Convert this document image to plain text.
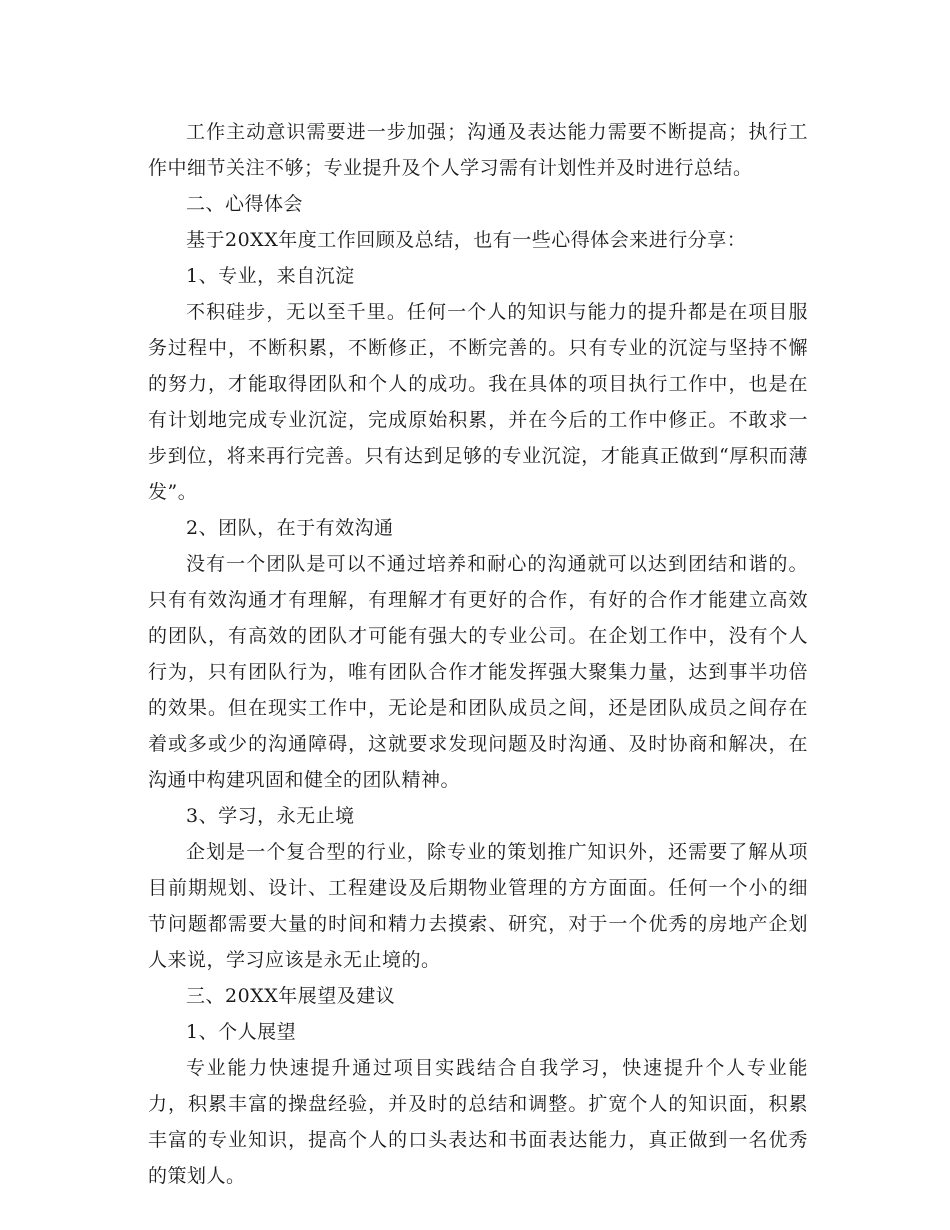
工作主动意识需要进一步加强；沟通及表达能力需要不断提高；执行工作中细节关注不够；专业提升及个人学习需有计划性并及时进行总结。

二、心得体会

基于20XX年度工作回顾及总结，也有一些心得体会来进行分享：

1、专业，来自沉淀

不积硅步，无以至千里。任何一个人的知识与能力的提升都是在项目服务过程中，不断积累，不断修正，不断完善的。只有专业的沉淀与坚持不懈的努力，才能取得团队和个人的成功。我在具体的项目执行工作中，也是在有计划地完成专业沉淀，完成原始积累，并在今后的工作中修正。不敢求一步到位，将来再行完善。只有达到足够的专业沉淀，才能真正做到“厚积而薄发”。

2、团队，在于有效沟通

没有一个团队是可以不通过培养和耐心的沟通就可以达到团结和谐的。只有有效沟通才有理解，有理解才有更好的合作，有好的合作才能建立高效的团队，有高效的团队才可能有强大的专业公司。在企划工作中，没有个人行为，只有团队行为，唯有团队合作才能发挥强大聚集力量，达到事半功倍的效果。但在现实工作中，无论是和团队成员之间，还是团队成员之间存在着或多或少的沟通障碍，这就要求发现问题及时沟通、及时协商和解决，在沟通中构建巩固和健全的团队精神。

3、学习，永无止境

企划是一个复合型的行业，除专业的策划推广知识外，还需要了解从项目前期规划、设计、工程建设及后期物业管理的方方面面。任何一个小的细节问题都需要大量的时间和精力去摸索、研究，对于一个优秀的房地产企划人来说，学习应该是永无止境的。

三、20XX年展望及建议

1、个人展望

专业能力快速提升通过项目实践结合自我学习，快速提升个人专业能力，积累丰富的操盘经验，并及时的总结和调整。扩宽个人的知识面，积累丰富的专业知识，提高个人的口头表达和书面表达能力，真正做到一名优秀的策划人。
